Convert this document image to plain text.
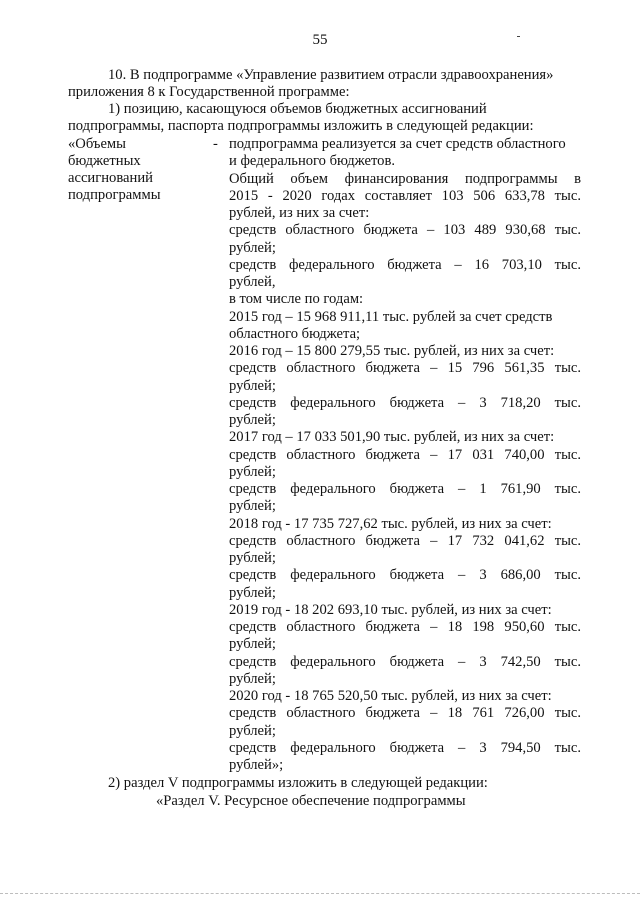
55
10. В подпрограмме «Управление развитием отрасли здравоохранения»
приложения 8 к Государственной программе:
1) позицию, касающуюся объемов бюджетных ассигнований
подпрограммы, паспорта подпрограммы изложить в следующей редакции:
«Объемы
бюджетных
ассигнований
подпрограммы
- подпрограмма реализуется за счет средств областного
и федерального бюджетов.
Общий объем финансирования подпрограммы в
2015 - 2020 годах составляет 103 506 633,78 тыс.
рублей, из них за счет:
средств областного бюджета – 103 489 930,68 тыс.
рублей;
средств федерального бюджета – 16 703,10 тыс.
рублей,
в том числе по годам:
2015 год – 15 968 911,11 тыс. рублей за счет средств
областного бюджета;
2016 год – 15 800 279,55 тыс. рублей, из них за счет:
средств областного бюджета – 15 796 561,35 тыс.
рублей;
средств федерального бюджета – 3 718,20 тыс.
рублей;
2017 год – 17 033 501,90 тыс. рублей, из них за счет:
средств областного бюджета – 17 031 740,00 тыс.
рублей;
средств федерального бюджета – 1 761,90 тыс.
рублей;
2018 год - 17 735 727,62 тыс. рублей, из них за счет:
средств областного бюджета – 17 732 041,62 тыс.
рублей;
средств федерального бюджета – 3 686,00 тыс.
рублей;
2019 год - 18 202 693,10 тыс. рублей, из них за счет:
средств областного бюджета – 18 198 950,60 тыс.
рублей;
средств федерального бюджета – 3 742,50 тыс.
рублей;
2020 год - 18 765 520,50 тыс. рублей, из них за счет:
средств областного бюджета – 18 761 726,00 тыс.
рублей;
средств федерального бюджета – 3 794,50 тыс.
рублей»;
2) раздел V подпрограммы изложить в следующей редакции:
«Раздел V. Ресурсное обеспечение подпрограммы
